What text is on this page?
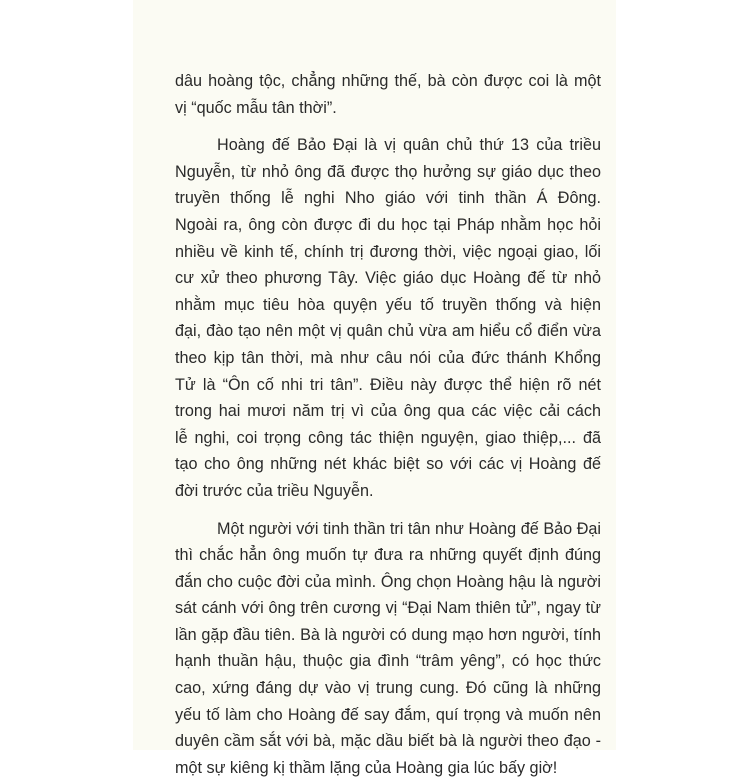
dâu hoàng tộc, chẳng những thế, bà còn được coi là một
vị “quốc mẫu tân thời”.
Hoàng đế Bảo Đại là vị quân chủ thứ 13 của triều
Nguyễn, từ nhỏ ông đã được thọ hưởng sự giáo dục theo
truyền thống lễ nghi Nho giáo với tinh thần Á Đông.
Ngoài ra, ông còn được đi du học tại Pháp nhằm học hỏi
nhiều về kinh tế, chính trị đương thời, việc ngoại giao, lối
cư xử theo phương Tây. Việc giáo dục Hoàng đế từ nhỏ
nhằm mục tiêu hòa quyện yếu tố truyền thống và hiện
đại, đào tạo nên một vị quân chủ vừa am hiểu cổ điển vừa
theo kịp tân thời, mà như câu nói của đức thánh Khổng
Tử là “Ôn cố nhi tri tân”. Điều này được thể hiện rõ nét
trong hai mươi năm trị vì của ông qua các việc cải cách
lễ nghi, coi trọng công tác thiện nguyện, giao thiệp,... đã
tạo cho ông những nét khác biệt so với các vị Hoàng đế
đời trước của triều Nguyễn.
Một người với tinh thần tri tân như Hoàng đế Bảo Đại
thì chắc hẳn ông muốn tự đưa ra những quyết định đúng
đắn cho cuộc đời của mình. Ông chọn Hoàng hậu là người
sát cánh với ông trên cương vị “Đại Nam thiên tử”, ngay từ
lần gặp đầu tiên. Bà là người có dung mạo hơn người, tính
hạnh thuần hậu, thuộc gia đình “trâm yêng”, có học thức
cao, xứng đáng dự vào vị trung cung. Đó cũng là những
yếu tố làm cho Hoàng đế say đắm, quí trọng và muốn nên
duyên cầm sắt với bà, mặc dầu biết bà là người theo đạo -
một sự kiêng kị thầm lặng của Hoàng gia lúc bấy giờ!
